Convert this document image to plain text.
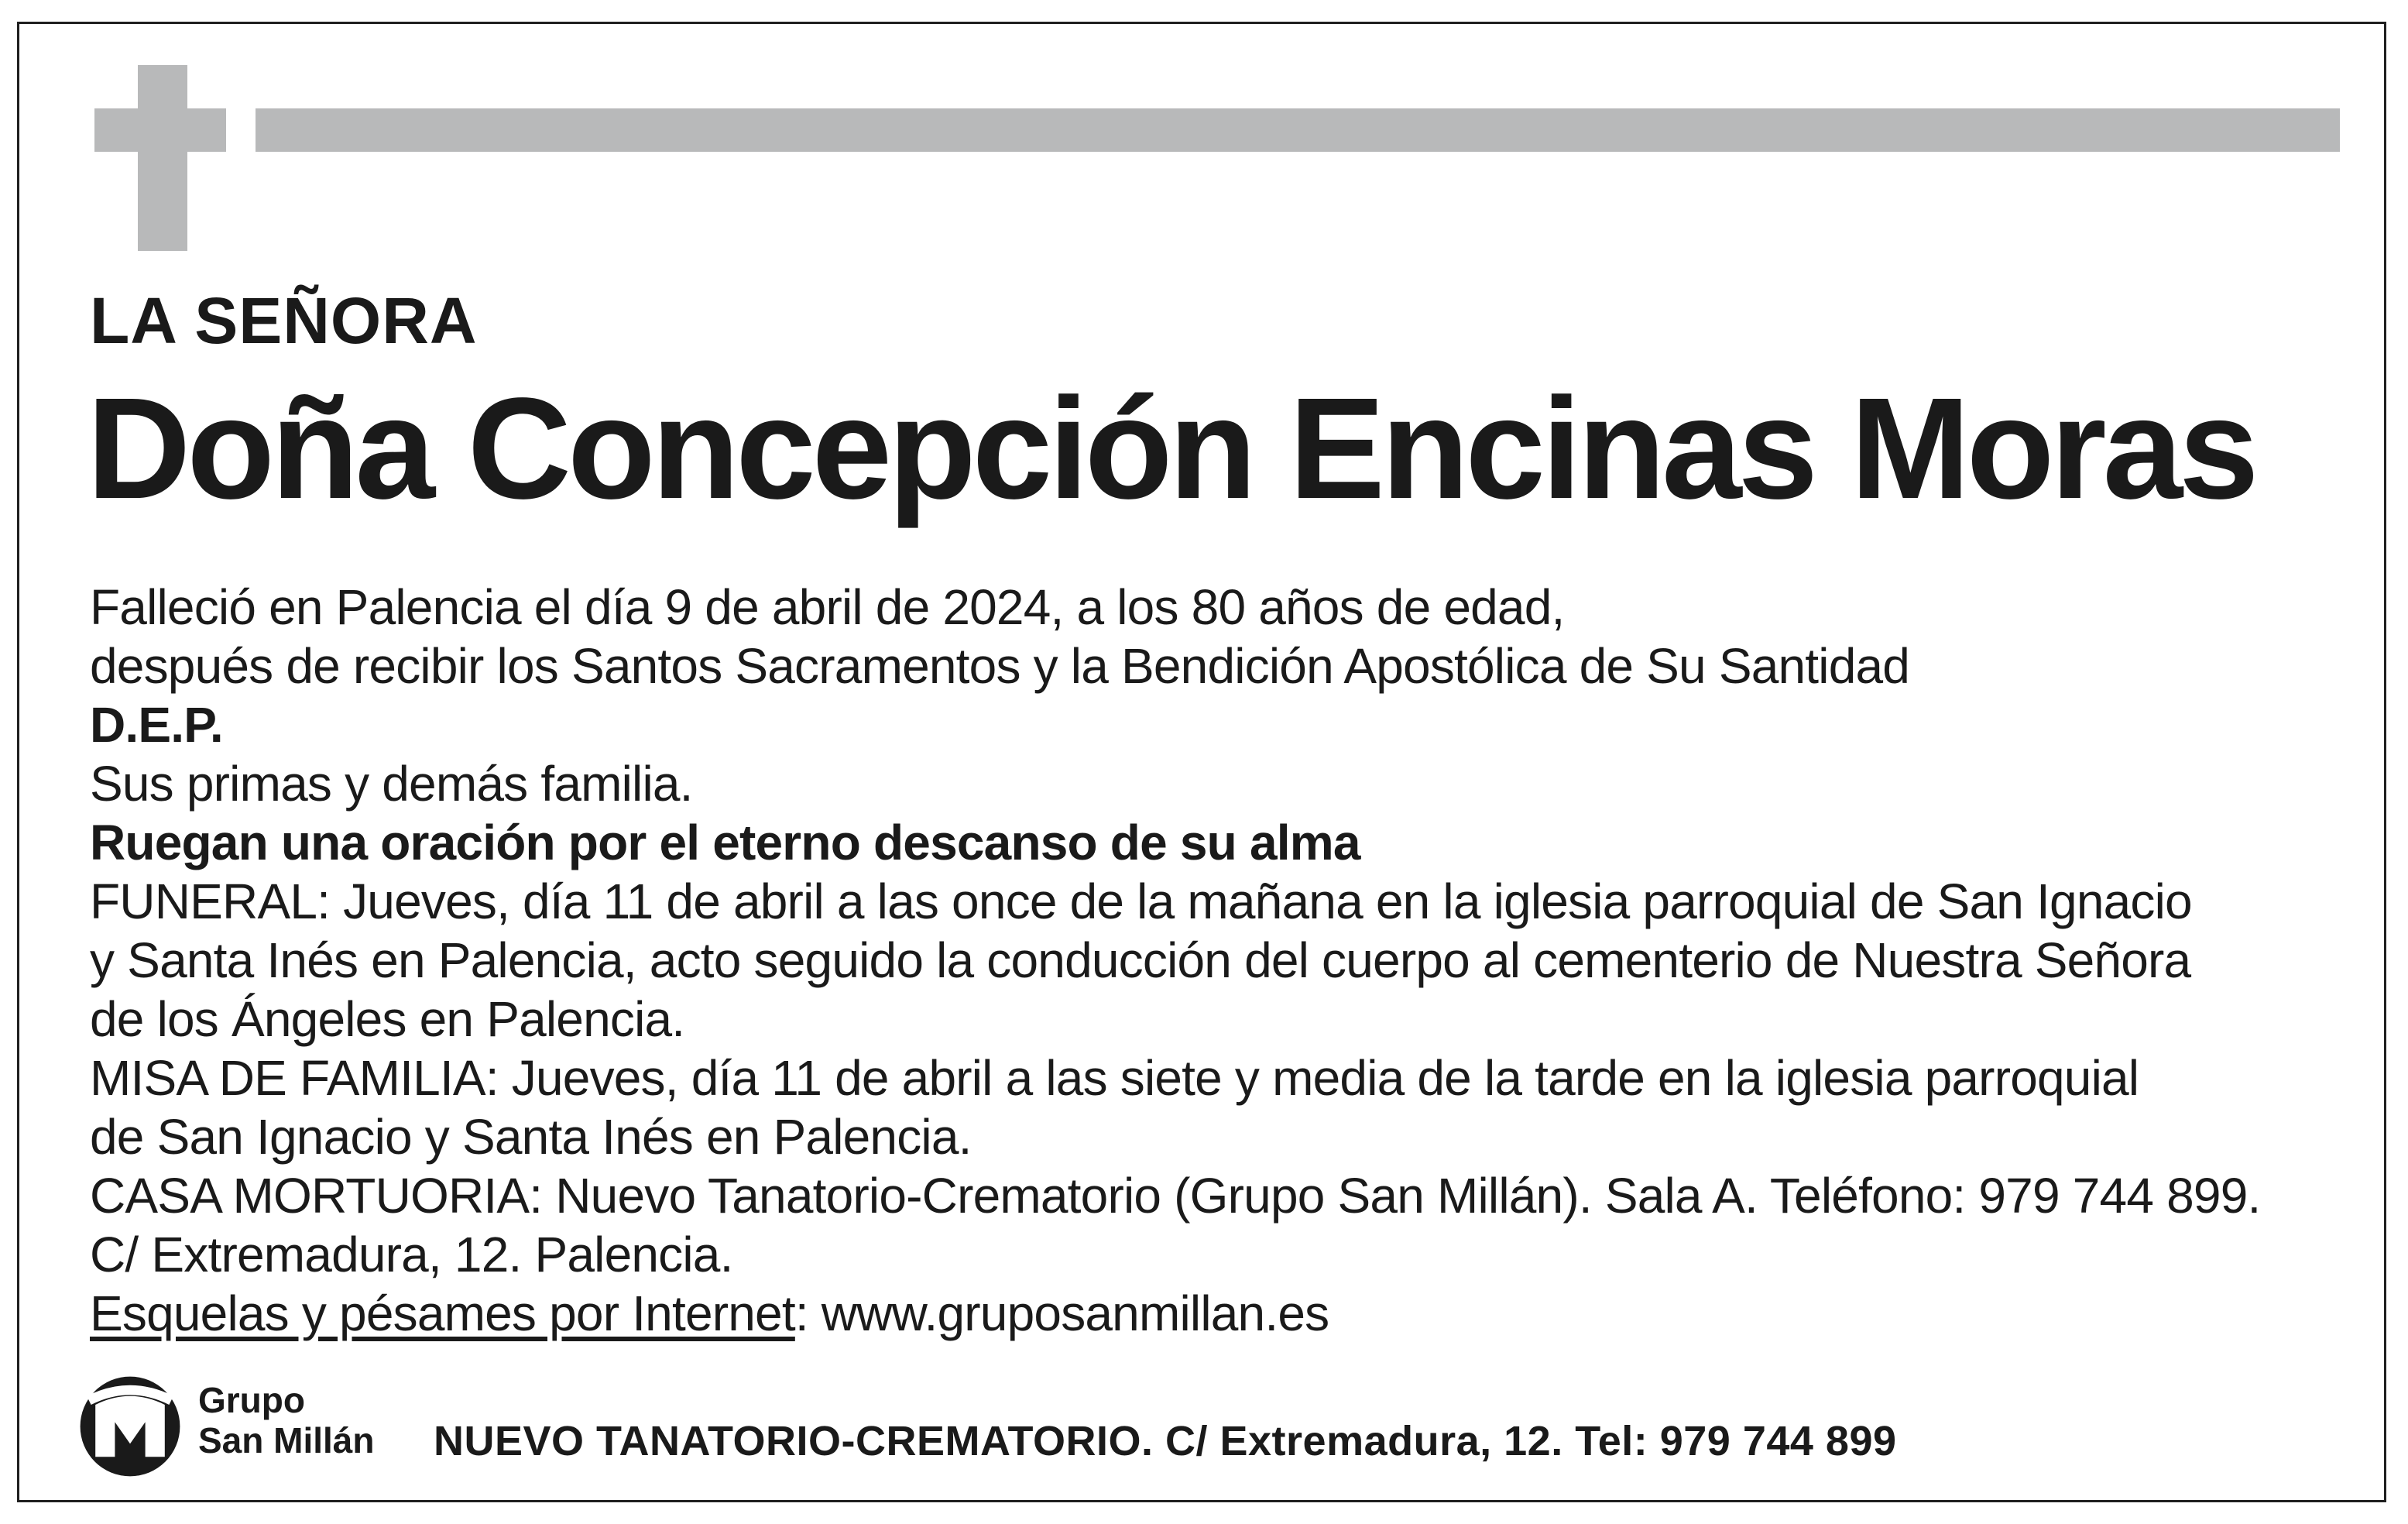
LA SEÑORA
Doña Concepción Encinas Moras
Falleció en Palencia el día 9 de abril de 2024, a los 80 años de edad,
después de recibir los Santos Sacramentos y la Bendición Apostólica de Su Santidad
D.E.P.
Sus primas y demás familia.
Ruegan una oración por el eterno descanso de su alma
FUNERAL: Jueves, día 11 de abril a las once de la mañana en la iglesia parroquial de San Ignacio
y Santa Inés en Palencia, acto seguido la conducción del cuerpo al cementerio de Nuestra Señora
de los Ángeles en Palencia.
MISA DE FAMILIA: Jueves, día 11 de abril a las siete y media de la tarde en la iglesia parroquial
de San Ignacio y Santa Inés en Palencia.
CASA MORTUORIA: Nuevo Tanatorio-Crematorio (Grupo San Millán). Sala A. Teléfono: 979 744 899.
C/ Extremadura, 12. Palencia.
Esquelas y pésames por Internet: www.gruposanmillan.es
Grupo
San Millán NUEVO TANATORIO-CREMATORIO. C/ Extremadura, 12. Tel: 979 744 899
